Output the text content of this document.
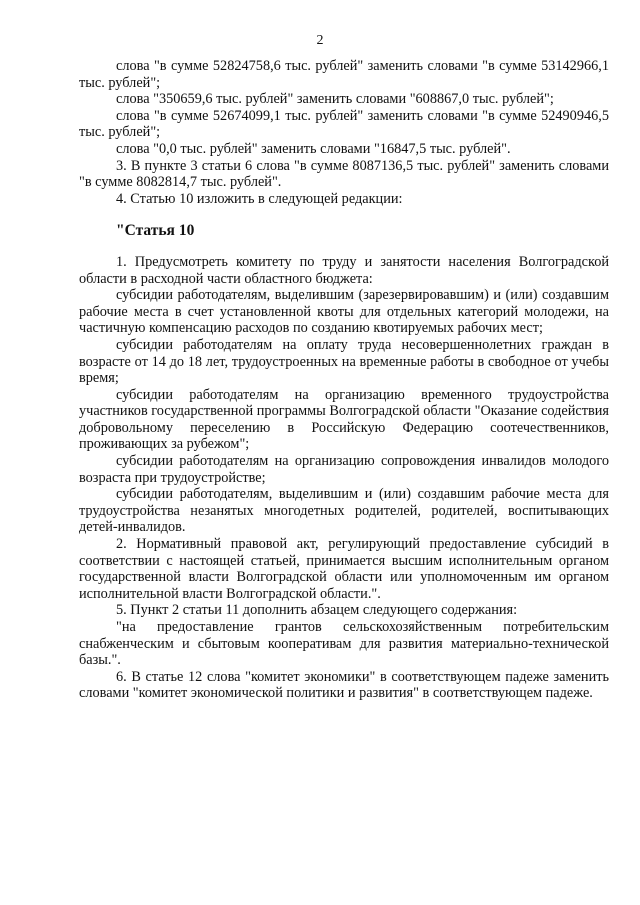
2

слова "в сумме 52824758,6 тыс. рублей" заменить словами "в сумме 53142966,1 тыс. рублей";

слова "350659,6 тыс. рублей" заменить словами "608867,0 тыс. рублей";

слова "в сумме 52674099,1 тыс. рублей" заменить словами "в сумме 52490946,5 тыс. рублей";

слова "0,0 тыс. рублей" заменить словами "16847,5 тыс. рублей".

3. В пункте 3 статьи 6 слова "в сумме 8087136,5 тыс. рублей" заменить словами "в сумме 8082814,7 тыс. рублей".

4. Статью 10 изложить в следующей редакции:

"Статья 10

1. Предусмотреть комитету по труду и занятости населения Волгоградской области в расходной части областного бюджета:

субсидии работодателям, выделившим (зарезервировавшим) и (или) создавшим рабочие места в счет установленной квоты для отдельных категорий молодежи, на частичную компенсацию расходов по созданию квотируемых рабочих мест;

субсидии работодателям на оплату труда несовершеннолетних граждан в возрасте от 14 до 18 лет, трудоустроенных на временные работы в свободное от учебы время;

субсидии работодателям на организацию временного трудоустройства участников государственной программы Волгоградской области "Оказание содействия добровольному переселению в Российскую Федерацию соотечественников, проживающих за рубежом";

субсидии работодателям на организацию сопровождения инвалидов молодого возраста при трудоустройстве;

субсидии работодателям, выделившим и (или) создавшим рабочие места для трудоустройства незанятых многодетных родителей, родителей, воспитывающих детей-инвалидов.

2. Нормативный правовой акт, регулирующий предоставление субсидий в соответствии с настоящей статьей, принимается высшим исполнительным органом государственной власти Волгоградской области или уполномоченным им органом исполнительной власти Волгоградской области.".

5. Пункт 2 статьи 11 дополнить абзацем следующего содержания:

"на предоставление грантов сельскохозяйственным потребительским снабженческим и сбытовым кооперативам для развития материально-технической базы.".

6. В статье 12 слова "комитет экономики" в соответствующем падеже заменить словами "комитет экономической политики и развития" в соответствующем падеже.
